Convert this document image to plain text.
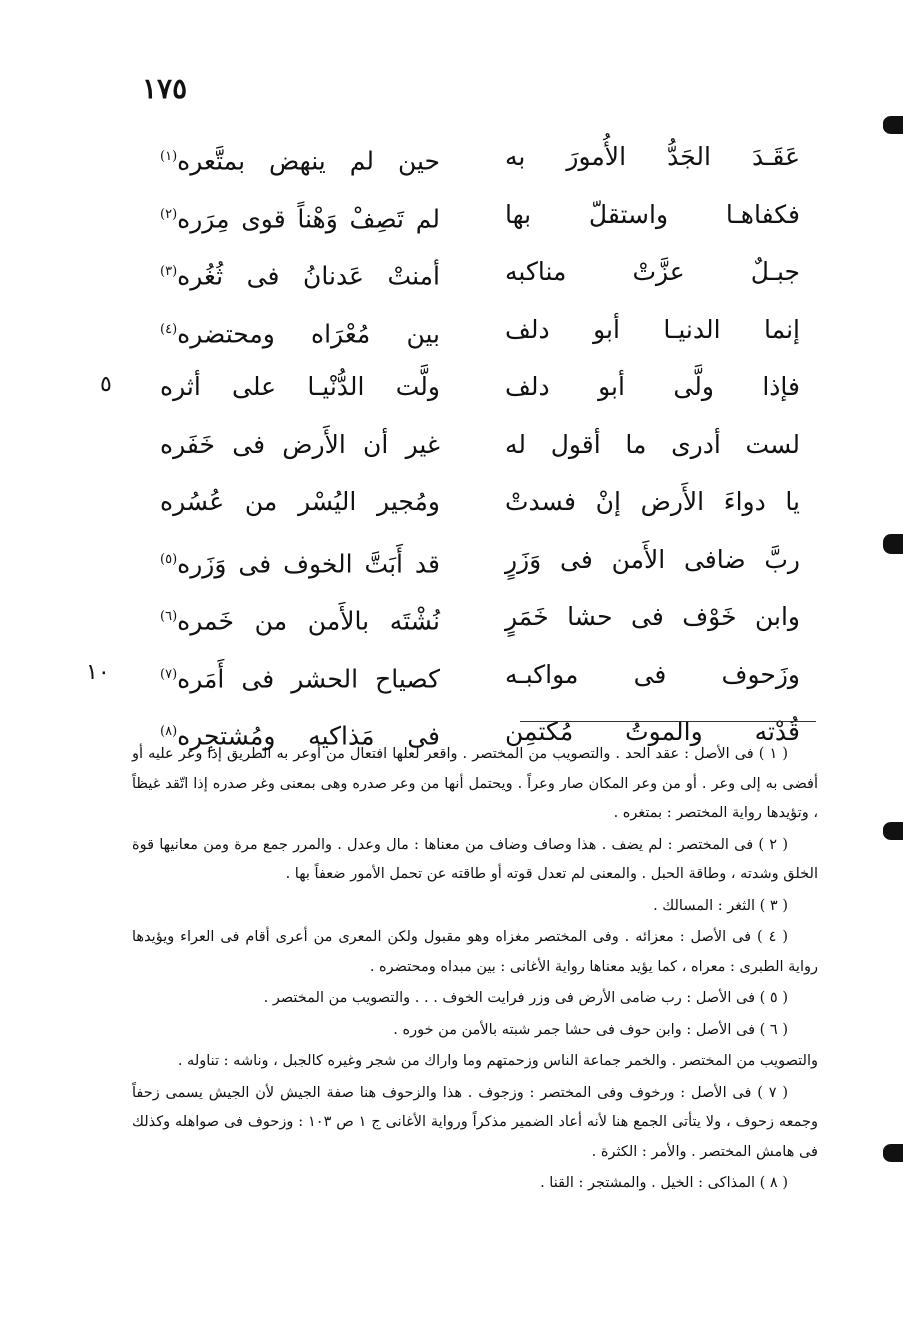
١٧٥
عَقَـدَ الجَدُّ الأُمورَ به
حين لم ينهض بمتَّعره$^{(١)}$
فكفاهـا واستقلّ بها
لم تَصِفْ وَهْناً قوى مِرَره$^{(٢)}$
جبـلٌ عزَّتْ مناكبه
أمنتْ عَدنانُ فى ثُغُره$^{(٣)}$
إنما الدنيـا أبو دلف
بين مُعْرَاه ومحتضره$^{(٤)}$
فإذا ولَّى أبو دلف
ولَّت الدُّنْيـا على أثره
لست أدرى ما أقول له
غير أن الأَرض فى خَفَره
يا دواءَ الأَرض إنْ فسدتْ
ومُجير اليُسْر من عُسُره
ربَّ ضافى الأَمن فى وَزَرٍ
قد أَبَتَّ الخوف فى وَزَره$^{(٥)}$
وابن خَوْف فى حشا خَمَرٍ
نُشْتَه بالأَمن من خَمره$^{(٦)}$
وزَحوف فى مواكبـه
كصياح الحشر فى أَمَره$^{(٧)}$
قُدْته والموتُ مُكتمِن
فى مَذاكيه ومُشتجِره$^{(٨)}$
٥
١٠

( ١ ) فى الأصل : عقد الحد . والتصويب من المختصر . واقعر لعلها افتعال من أوعر به الطريق إذا وعر عليه أو أفضى به إلى وعر . أو من وعر المكان صار وعراً . ويحتمل أنها من وعر صدره وهى بمعنى وغر صدره إذا اتّقد غيظاً ، وتؤيدها رواية المختصر : بمتغره .

( ٢ ) فى المختصر : لم يضف . هذا وصاف وضاف من معناها : مال وعدل . والمرر جمع مرة ومن معانيها قوة الخلق وشدته ، وطاقة الحبل . والمعنى لم تعدل قوته أو طاقته عن تحمل الأمور ضعفاً بها .

( ٣ ) الثغر : المسالك .

( ٤ ) فى الأصل : معزائه . وفى المختصر مغزاه وهو مقبول ولكن المعرى من أعرى أقام فى العراء ويؤيدها رواية الطبرى : معراه ، كما يؤيد معناها رواية الأغانى : بين مبداه ومحتضره .

( ٥ ) فى الأصل : رب ضامى الأرض فى وزر فرايت الخوف . . . والتصويب من المختصر .

( ٦ ) فى الأصل : وابن حوف فى حشا جمر شبته بالأمن من خوره .

والتصويب من المختصر . والخمر جماعة الناس وزحمتهم وما واراك من شجر وغيره كالجبل ، وناشه : تناوله .

( ٧ ) فى الأصل : ورخوف وفى المختصر : وزجوف . هذا والزحوف هنا صفة الجيش لأن الجيش يسمى زحفاً وجمعه زحوف ، ولا يتأتى الجمع هنا لأنه أعاد الضمير مذكراً ورواية الأغانى ج ١ ص ١٠٣ : وزحوف فى صواهله وكذلك فى هامش المختصر . والأمر : الكثرة .

( ٨ ) المذاكى : الخيل . والمشتجر : القنا .
